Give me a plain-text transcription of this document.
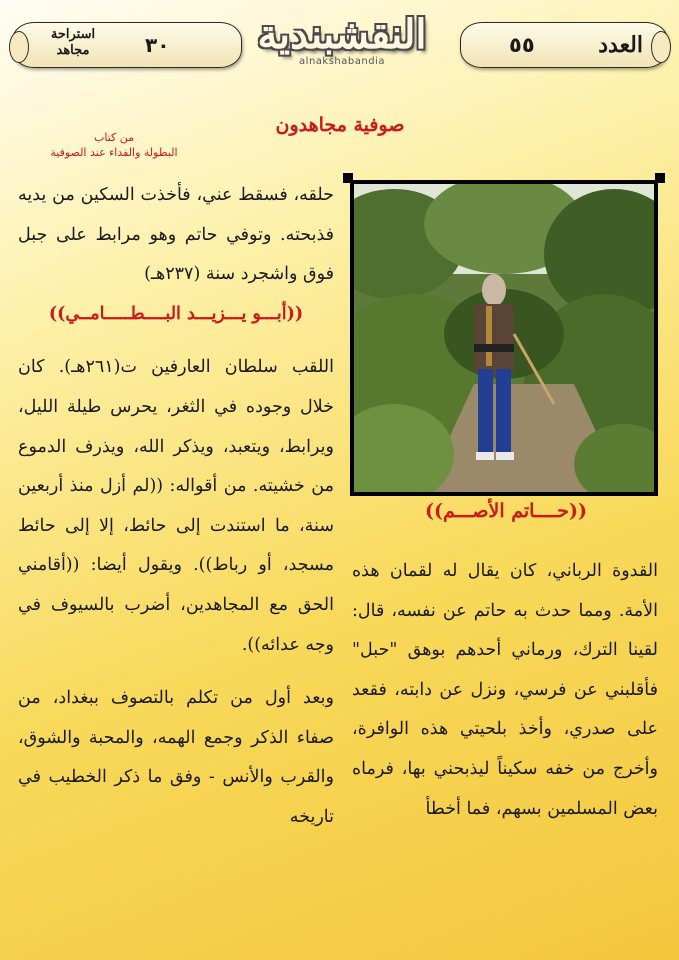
استراحة
مجاهد	٣٠	النقشبندية
alnakshabandia
٥٥	العدد
صوفية مجاهدون
من كتاب
البطولة والفداء عند الصوفية
((حــــاتم الأصـــم))

حلقه، فسقط عني، فأخذت السكين من يديه فذبحته. وتوفي حاتم وهو مرابط على جبل فوق واشجرد سنة (٢٣٧هـ)

((أبـــو يـــزيـــد البــــطـــــامــي))

اللقب سلطان العارفين ت(٢٦١هـ). كان خلال وجوده في الثغر، يحرس طيلة الليل، ويرابط، ويتعبد، ويذكر الله، ويذرف الدموع من خشيته. من أقواله: ((لم أزل منذ أربعين سنة، ما استندت إلى حائط، إلا إلى حائط مسجد، أو رباط)). ويقول أيضا: ((أقامني الحق مع المجاهدين، أضرب بالسيوف في وجه عدائه)).

وبعد أول من تكلم بالتصوف ببغداد، من صفاء الذكر وجمع الهمه، والمحبة والشوق، والقرب والأنس - وفق ما ذكر الخطيب في تاريخه

القدوة الرباني، كان يقال له لقمان هذه الأمة. ومما حدث به حاتم عن نفسه، قال: لقينا الترك، ورماني أحدهم بوهق "حبل" فأقلبني عن فرسي، ونزل عن دابته، فقعد على صدري، وأخذ بلحيتي هذه الوافرة، وأخرج من خفه سكيناً ليذبحني بها، فرماه بعض المسلمين بسهم، فما أخطأ
